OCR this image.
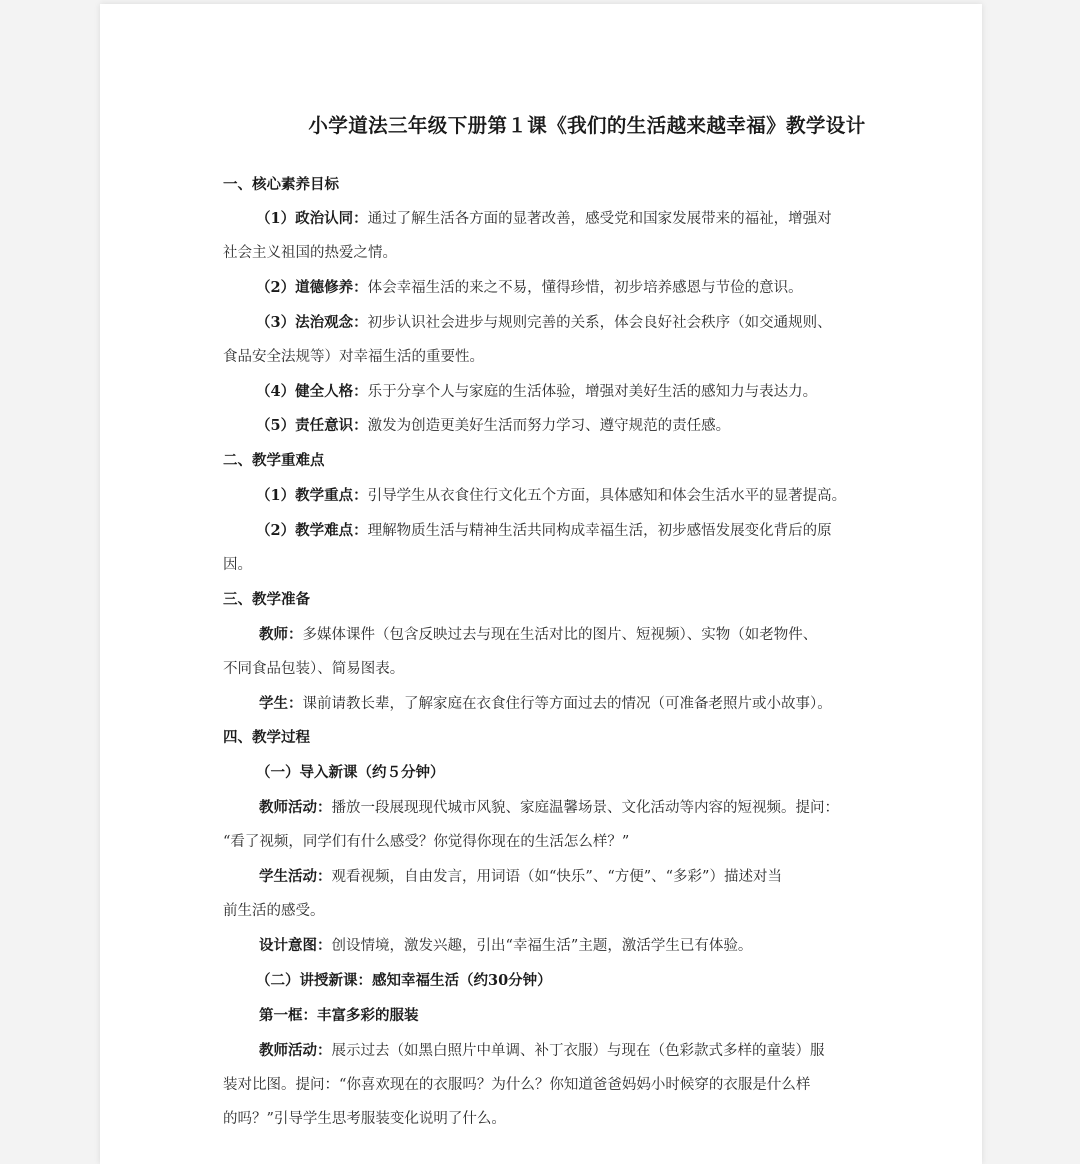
小学道法三年级下册第１课《我们的生活越来越幸福》教学设计
一、核心素养目标
（1）政治认同：通过了解生活各方面的显著改善，感受党和国家发展带来的福祉，增强对
社会主义祖国的热爱之情。
（2）道德修养：体会幸福生活的来之不易，懂得珍惜，初步培养感恩与节俭的意识。
（3）法治观念：初步认识社会进步与规则完善的关系，体会良好社会秩序（如交通规则、
食品安全法规等）对幸福生活的重要性。
（4）健全人格：乐于分享个人与家庭的生活体验，增强对美好生活的感知力与表达力。
（5）责任意识：激发为创造更美好生活而努力学习、遵守规范的责任感。
二、教学重难点
（1）教学重点：引导学生从衣食住行文化五个方面，具体感知和体会生活水平的显著提高。
（2）教学难点：理解物质生活与精神生活共同构成幸福生活，初步感悟发展变化背后的原
因。
三、教学准备
教师：多媒体课件（包含反映过去与现在生活对比的图片、短视频）、实物（如老物件、
不同食品包装）、简易图表。
学生：课前请教长辈，了解家庭在衣食住行等方面过去的情况（可准备老照片或小故事）。
四、教学过程
（一）导入新课（约５分钟）
教师活动：播放一段展现现代城市风貌、家庭温馨场景、文化活动等内容的短视频。提问：
“看了视频，同学们有什么感受？你觉得你现在的生活怎么样？”
学生活动：观看视频，自由发言，用词语（如“快乐”、“方便”、“多彩”）描述对当
前生活的感受。
设计意图：创设情境，激发兴趣，引出“幸福生活”主题，激活学生已有体验。
（二）讲授新课：感知幸福生活（约30分钟）
第一框：丰富多彩的服装
教师活动：展示过去（如黑白照片中单调、补丁衣服）与现在（色彩款式多样的童装）服
装对比图。提问：“你喜欢现在的衣服吗？为什么？你知道爸爸妈妈小时候穿的衣服是什么样
的吗？”引导学生思考服装变化说明了什么。
